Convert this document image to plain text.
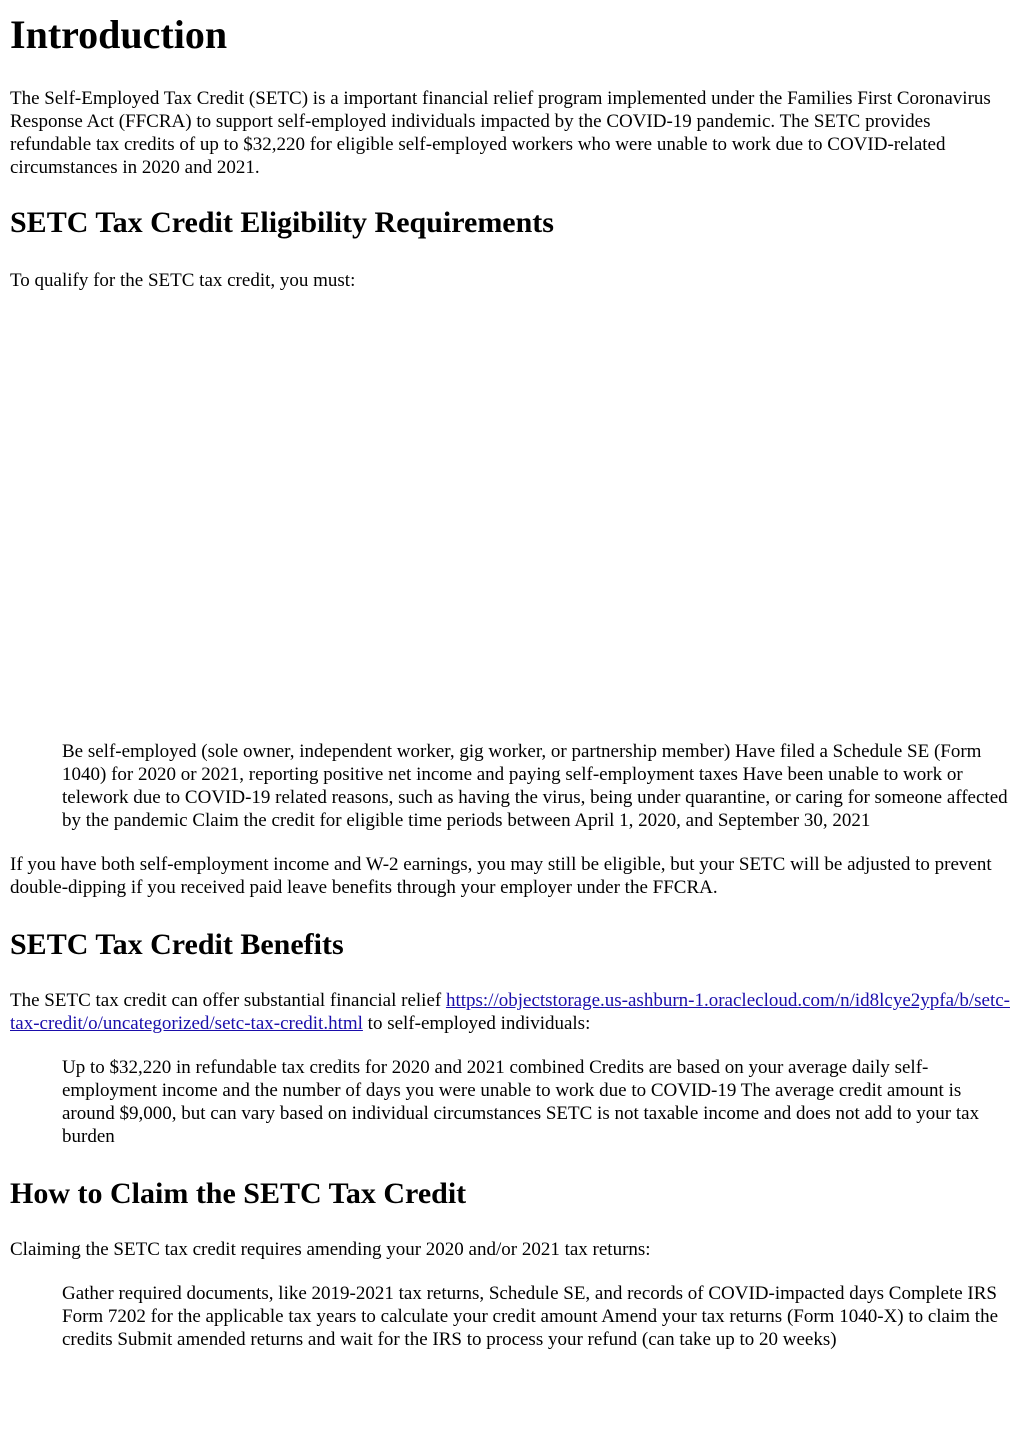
Introduction

The Self-Employed Tax Credit (SETC) is a important financial relief program implemented under the Families First Coronavirus Response Act (FFCRA) to support self-employed individuals impacted by the COVID-19 pandemic. The SETC provides refundable tax credits of up to $32,220 for eligible self-employed workers who were unable to work due to COVID-related circumstances in 2020 and 2021.

SETC Tax Credit Eligibility Requirements

To qualify for the SETC tax credit, you must:

Be self-employed (sole owner, independent worker, gig worker, or partnership member) Have filed a Schedule SE (Form 1040) for 2020 or 2021, reporting positive net income and paying self-employment taxes Have been unable to work or telework due to COVID-19 related reasons, such as having the virus, being under quarantine, or caring for someone affected by the pandemic Claim the credit for eligible time periods between April 1, 2020, and September 30, 2021

If you have both self-employment income and W-2 earnings, you may still be eligible, but your SETC will be adjusted to prevent double-dipping if you received paid leave benefits through your employer under the FFCRA.

SETC Tax Credit Benefits

The SETC tax credit can offer substantial financial relief https://objectstorage.us-ashburn-1.oraclecloud.com/n/id8lcye2ypfa/b/setc-tax-credit/o/uncategorized/setc-tax-credit.html to self-employed individuals:

Up to $32,220 in refundable tax credits for 2020 and 2021 combined Credits are based on your average daily self-employment income and the number of days you were unable to work due to COVID-19 The average credit amount is around $9,000, but can vary based on individual circumstances SETC is not taxable income and does not add to your tax burden
How to Claim the SETC Tax Credit

Claiming the SETC tax credit requires amending your 2020 and/or 2021 tax returns:

Gather required documents, like 2019-2021 tax returns, Schedule SE, and records of COVID-impacted days Complete IRS Form 7202 for the applicable tax years to calculate your credit amount Amend your tax returns (Form 1040-X) to claim the credits Submit amended returns and wait for the IRS to process your refund (can take up to 20 weeks)
